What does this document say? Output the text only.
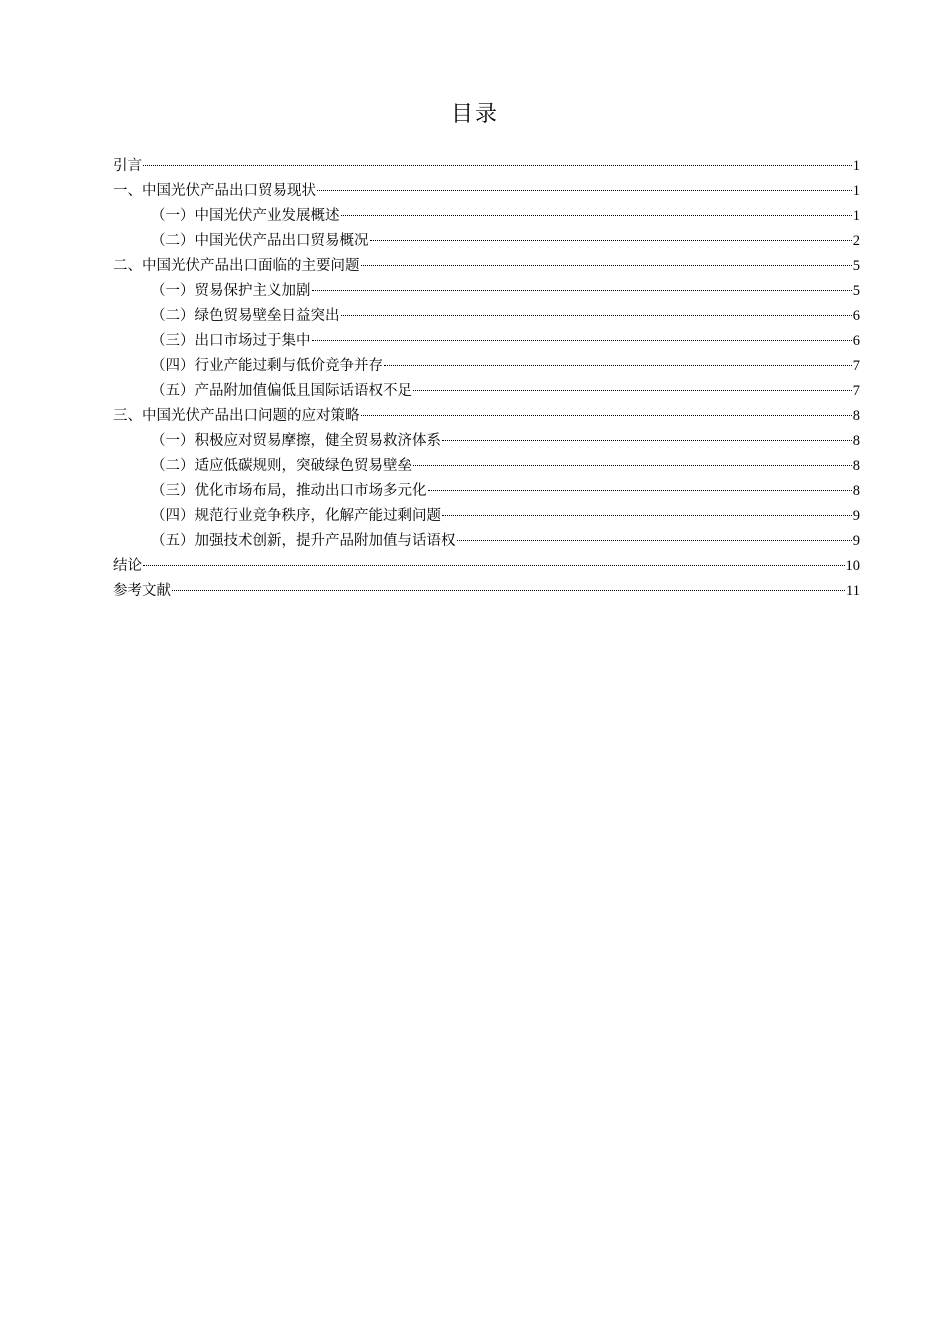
目录
引言	1
一、中国光伏产品出口贸易现状	1
（一）中国光伏产业发展概述	1
（二）中国光伏产品出口贸易概况	2
二、中国光伏产品出口面临的主要问题	5
（一）贸易保护主义加剧	5
（二）绿色贸易壁垒日益突出	6
（三）出口市场过于集中	6
（四）行业产能过剩与低价竞争并存	7
（五）产品附加值偏低且国际话语权不足	7
三、中国光伏产品出口问题的应对策略	8
（一）积极应对贸易摩擦，健全贸易救济体系	8
（二）适应低碳规则，突破绿色贸易壁垒	8
（三）优化市场布局，推动出口市场多元化	8
（四）规范行业竞争秩序，化解产能过剩问题	9
（五）加强技术创新，提升产品附加值与话语权	9
结论	10
参考文献	11
